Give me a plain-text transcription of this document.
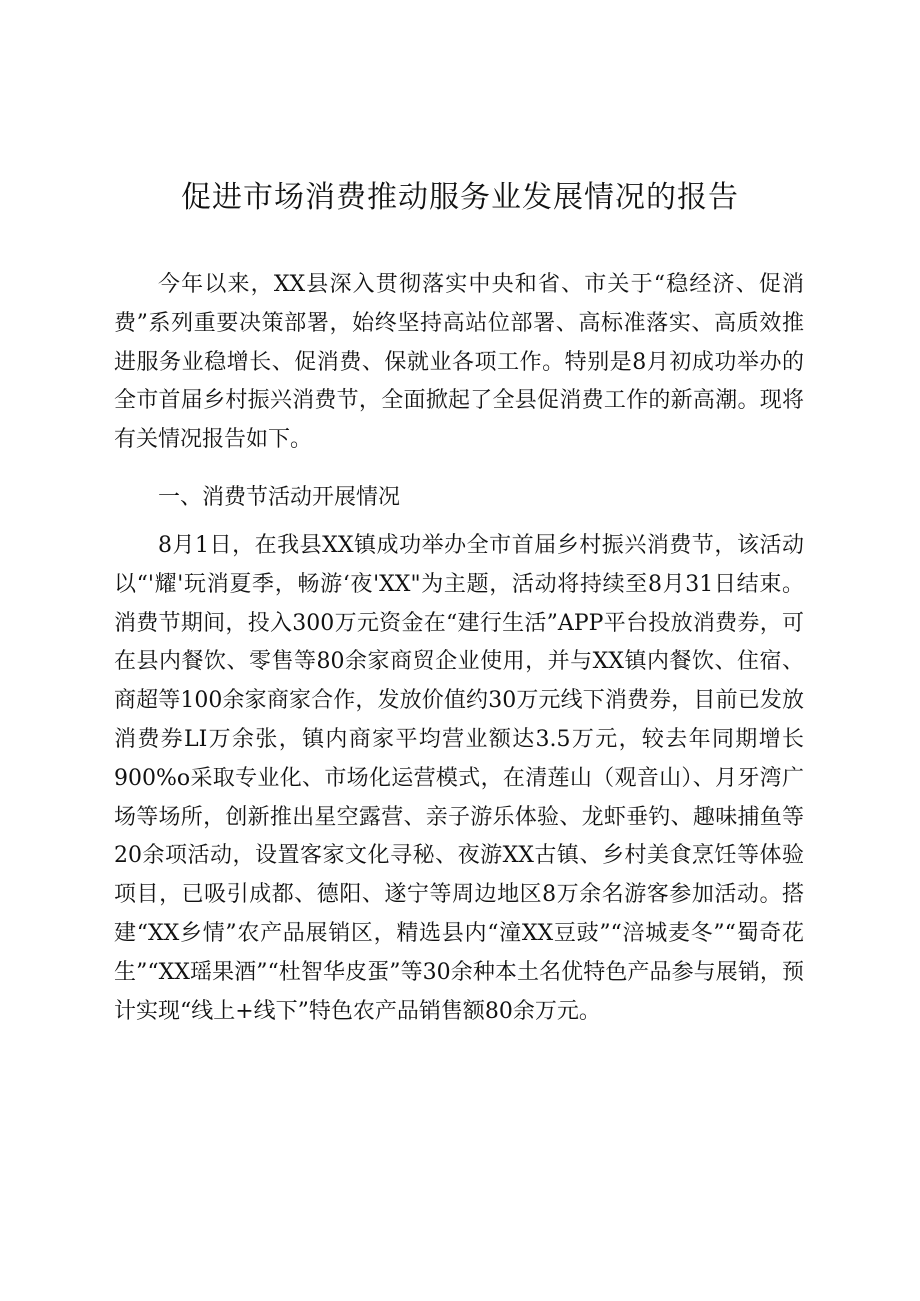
促进市场消费推动服务业发展情况的报告

今年以来，XX县深入贯彻落实中央和省、市关于“稳经济、促消费”系列重要决策部署，始终坚持高站位部署、高标准落实、高质效推进服务业稳增长、促消费、保就业各项工作。特别是8月初成功举办的全市首届乡村振兴消费节，全面掀起了全县促消费工作的新高潮。现将有关情况报告如下。

一、消费节活动开展情况

8月1日，在我县XX镇成功举办全市首届乡村振兴消费节，该活动以“'耀'玩消夏季，畅游‘夜'XX"为主题，活动将持续至8月31日结束。消费节期间，投入300万元资金在“建行生活”APP平台投放消费券，可在县内餐饮、零售等80余家商贸企业使用，并与XX镇内餐饮、住宿、商超等100余家商家合作，发放价值约30万元线下消费券，目前已发放消费券LI万余张，镇内商家平均营业额达3.5万元，较去年同期增长900%o采取专业化、市场化运营模式，在清莲山（观音山）、月牙湾广场等场所，创新推出星空露营、亲子游乐体验、龙虾垂钓、趣味捕鱼等20余项活动，设置客家文化寻秘、夜游XX古镇、乡村美食烹饪等体验项目，已吸引成都、德阳、遂宁等周边地区8万余名游客参加活动。搭建“XX乡情”农产品展销区，精选县内“潼XX豆豉”“涪城麦冬”“蜀奇花生”“XX瑶果酒”“杜智华皮蛋”等30余种本土名优特色产品参与展销，预计实现“线上+线下”特色农产品销售额80余万元。
